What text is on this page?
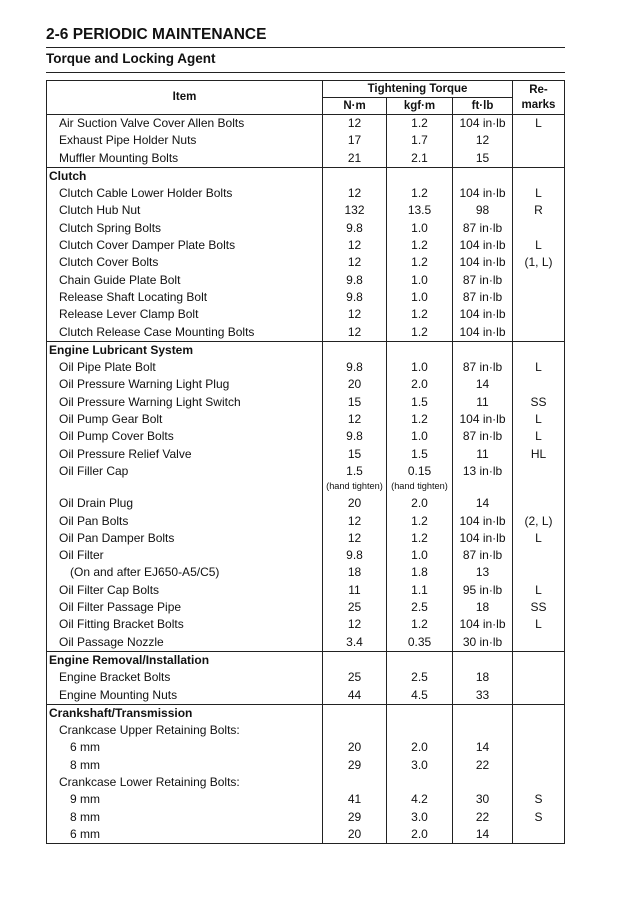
2-6 PERIODIC MAINTENANCE
Torque and Locking Agent
Item	Tightening Torque			Re-
marks
	N·m	kgf·m	ft·lb	
Air Suction Valve Cover Allen Bolts	12	1.2	104 in·lb	L
Exhaust Pipe Holder Nuts	17	1.7	12	
Muffler Mounting Bolts	21	2.1	15	
Clutch				
Clutch Cable Lower Holder Bolts	12	1.2	104 in·lb	L
Clutch Hub Nut	132	13.5	98	R
Clutch Spring Bolts	9.8	1.0	87 in·lb	
Clutch Cover Damper Plate Bolts	12	1.2	104 in·lb	L
Clutch Cover Bolts	12	1.2	104 in·lb	(1, L)
Chain Guide Plate Bolt	9.8	1.0	87 in·lb	
Release Shaft Locating Bolt	9.8	1.0	87 in·lb	
Release Lever Clamp Bolt	12	1.2	104 in·lb	
Clutch Release Case Mounting Bolts	12	1.2	104 in·lb	
Engine Lubricant System				
Oil Pipe Plate Bolt	9.8	1.0	87 in·lb	L
Oil Pressure Warning Light Plug	20	2.0	14	
Oil Pressure Warning Light Switch	15	1.5	11	SS
Oil Pump Gear Bolt	12	1.2	104 in·lb	L
Oil Pump Cover Bolts	9.8	1.0	87 in·lb	L
Oil Pressure Relief Valve	15	1.5	11	HL
Oil Filler Cap	1.5	0.15	13 in·lb	
	(hand tighten)	(hand tighten)		
Oil Drain Plug	20	2.0	14	
Oil Pan Bolts	12	1.2	104 in·lb	(2, L)
Oil Pan Damper Bolts	12	1.2	104 in·lb	L
Oil Filter	9.8	1.0	87 in·lb	
(On and after EJ650-A5/C5)	18	1.8	13	
Oil Filter Cap Bolts	11	1.1	95 in·lb	L
Oil Filter Passage Pipe	25	2.5	18	SS
Oil Fitting Bracket Bolts	12	1.2	104 in·lb	L
Oil Passage Nozzle	3.4	0.35	30 in·lb	
Engine Removal/Installation				
Engine Bracket Bolts	25	2.5	18	
Engine Mounting Nuts	44	4.5	33	
Crankshaft/Transmission				
Crankcase Upper Retaining Bolts:				
6 mm	20	2.0	14	
8 mm	29	3.0	22	
Crankcase Lower Retaining Bolts:				
9 mm	41	4.2	30	S
8 mm	29	3.0	22	S
6 mm	20	2.0	14	
